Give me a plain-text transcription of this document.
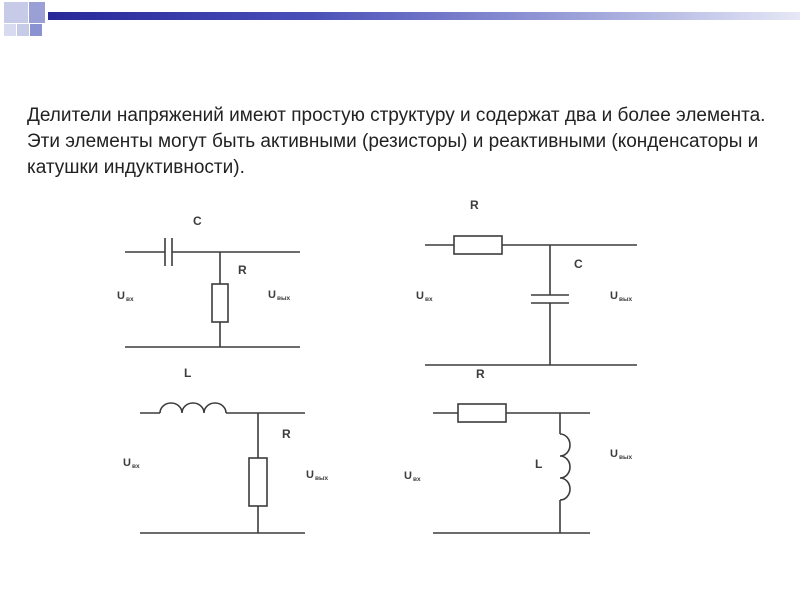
Делители напряжений имеют простую структуру и содержат два и более элемента. Эти элементы могут быть активными (резисторы) и реактивными (конденсаторы и катушки индуктивности).

C
R
U вх	U вых
R
C
U вх	U вых
L
R
U вх
U вых
R
L
U вх
U вых
